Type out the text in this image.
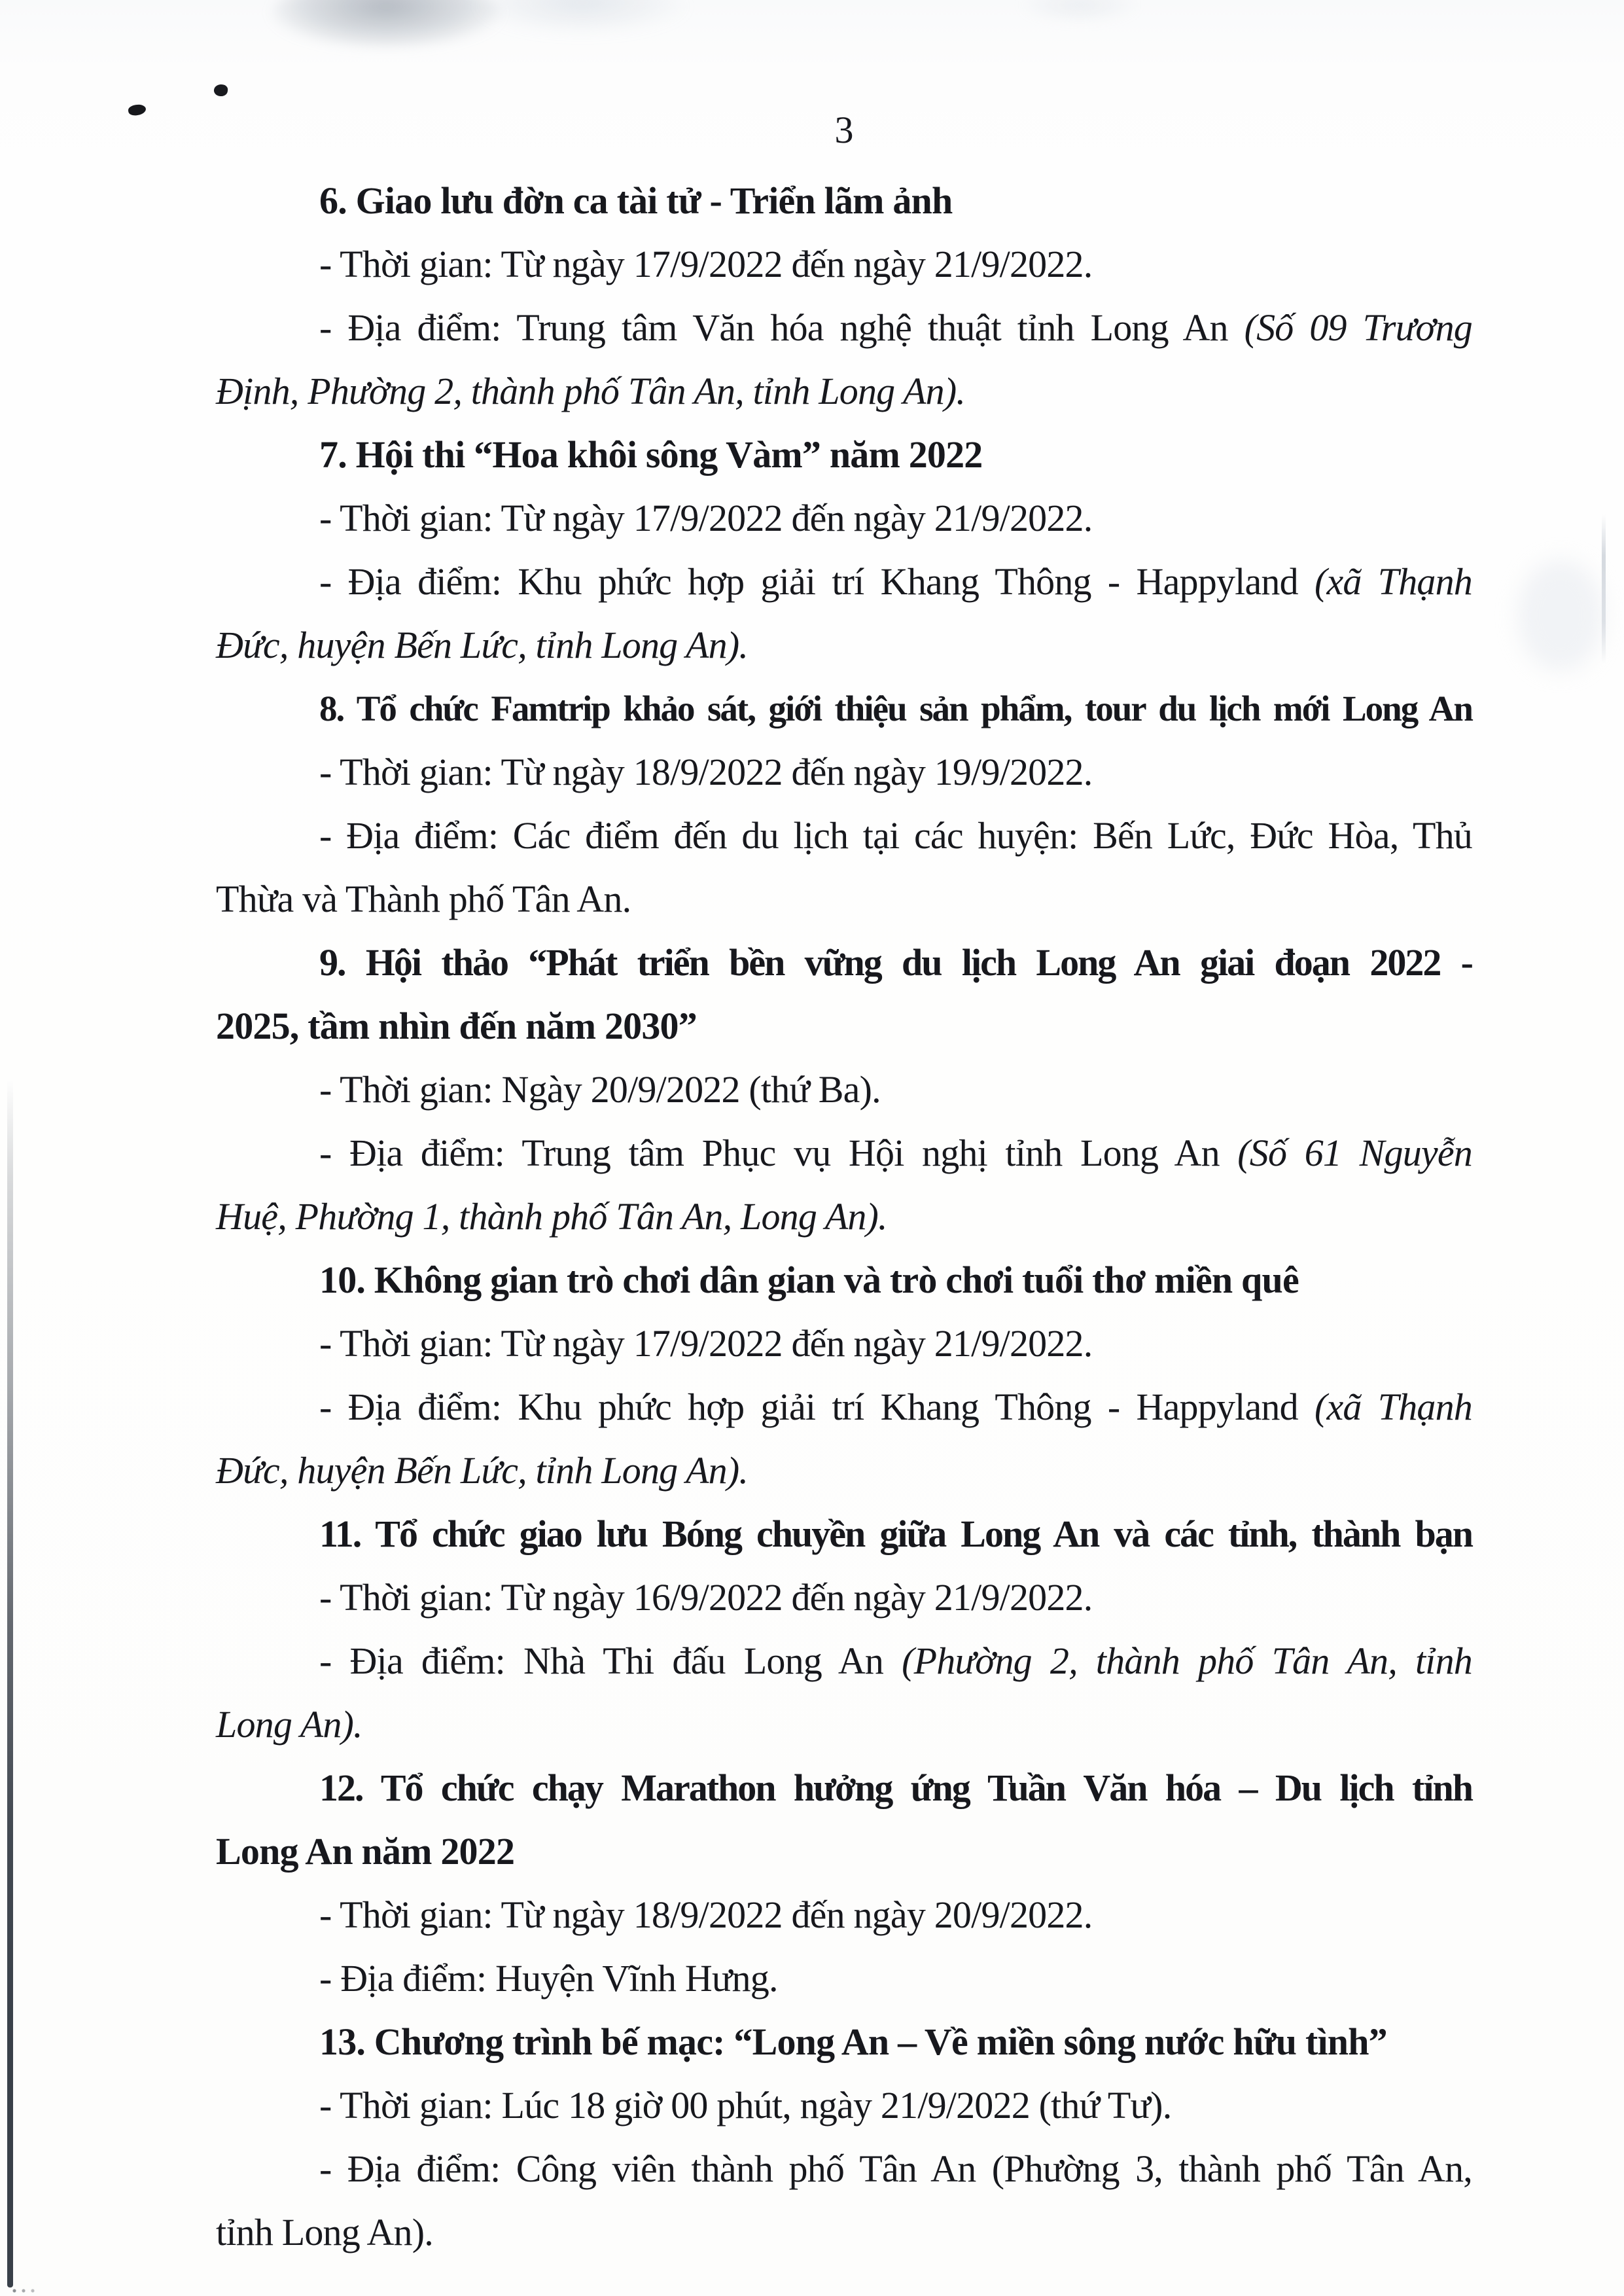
3
6. Giao lưu đờn ca tài tử - Triển lãm ảnh
- Thời gian: Từ ngày 17/9/2022 đến ngày 21/9/2022.
- Địa điểm: Trung tâm Văn hóa nghệ thuật tỉnh Long An (Số 09 Trương
Định, Phường 2, thành phố Tân An, tỉnh Long An).
7. Hội thi “Hoa khôi sông Vàm” năm 2022
- Thời gian: Từ ngày 17/9/2022 đến ngày 21/9/2022.
- Địa điểm: Khu phức hợp giải trí Khang Thông - Happyland (xã Thạnh
Đức, huyện Bến Lức, tỉnh Long An).
8. Tổ chức Famtrip khảo sát, giới thiệu sản phẩm, tour du lịch mới Long An
- Thời gian: Từ ngày 18/9/2022 đến ngày 19/9/2022.
- Địa điểm: Các điểm đến du lịch tại các huyện: Bến Lức, Đức Hòa, Thủ
Thừa và Thành phố Tân An.
9. Hội thảo “Phát triển bền vững du lịch Long An giai đoạn 2022 -
2025, tầm nhìn đến năm 2030”
- Thời gian: Ngày 20/9/2022 (thứ Ba).
- Địa điểm: Trung tâm Phục vụ Hội nghị tỉnh Long An (Số 61 Nguyễn
Huệ, Phường 1, thành phố Tân An, Long An).
10. Không gian trò chơi dân gian và trò chơi tuổi thơ miền quê
- Thời gian: Từ ngày 17/9/2022 đến ngày 21/9/2022.
- Địa điểm: Khu phức hợp giải trí Khang Thông - Happyland (xã Thạnh
Đức, huyện Bến Lức, tỉnh Long An).
11. Tổ chức giao lưu Bóng chuyền giữa Long An và các tỉnh, thành bạn
- Thời gian: Từ ngày 16/9/2022 đến ngày 21/9/2022.
- Địa điểm: Nhà Thi đấu Long An (Phường 2, thành phố Tân An, tỉnh
Long An).
12. Tổ chức chạy Marathon hưởng ứng Tuần Văn hóa – Du lịch tỉnh
Long An năm 2022
- Thời gian: Từ ngày 18/9/2022 đến ngày 20/9/2022.
- Địa điểm: Huyện Vĩnh Hưng.
13. Chương trình bế mạc: “Long An – Về miền sông nước hữu tình”
- Thời gian: Lúc 18 giờ 00 phút, ngày 21/9/2022 (thứ Tư).
- Địa điểm: Công viên thành phố Tân An (Phường 3, thành phố Tân An,
tỉnh Long An).
